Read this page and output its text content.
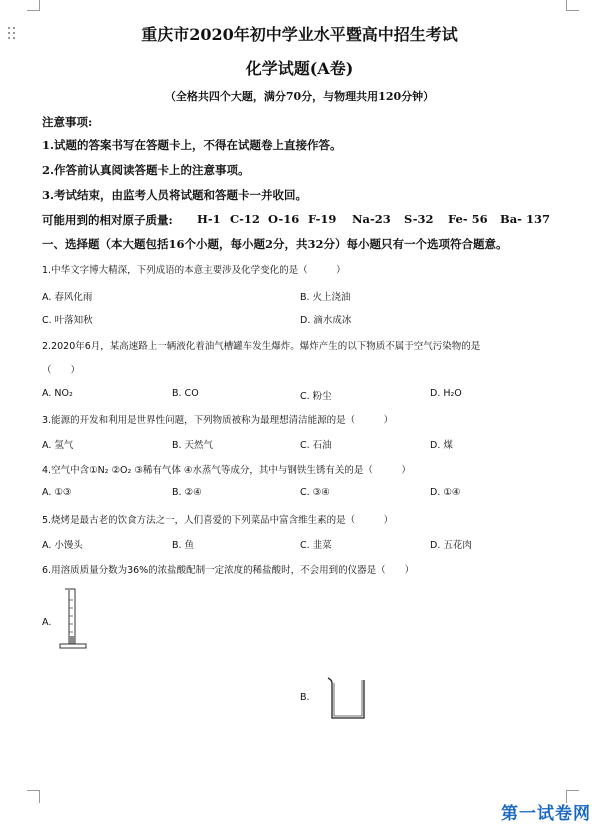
重庆市2020年初中学业水平暨高中招生考试
化学试题(A卷)
（全格共四个大题，满分70分，与物理共用120分钟）
注意事项:
1.试题的答案书写在答题卡上，不得在试题卷上直接作答。
2.作答前认真阅读答题卡上的注意事项。
3.考试结束，由监考人员将试题和答题卡一并收回。
可能用到的相对原子质量: H-1 C-12 O-16 F-19 Na-23 S-32 Fe- 56 Ba- 137
一、选择题（本大题包括16个小题，每小题2分，共32分）每小题只有一个选项符合题意。
1.中华文字博大精深，下列成语的本意主要涉及化学变化的是（　　　）
A. 春风化雨	B. 火上浇油
C. 叶落知秋	D. 滴水成冰
2.2020年6月，某高速路上一辆液化着油气槽罐车发生爆炸。爆炸产生的以下物质不属于空气污染物的是
（　　）
A. NO₂	B. CO	C. 粉尘	D. H₂O
3.能源的开发和利用是世界性问题，下列物质被称为最理想清洁能源的是（　　　）
A. 氢气	B. 天然气	C. 石油	D. 煤
4.空气中含①N₂ ②O₂ ③稀有气体 ④水蒸气等成分，其中与钢铁生锈有关的是（　　　）
A. ①③	B. ②④	C. ③④	D. ①④
5.烧烤是最古老的饮食方法之一，人们喜爱的下列菜品中富含维生素的是（　　　）
A. 小馒头	B. 鱼	C. 韭菜	D. 五花肉
6.用溶质质量分数为36%的浓盐酸配制一定浓度的稀盐酸时，不会用到的仪器是（　　）
A.
B.
第一试卷网
